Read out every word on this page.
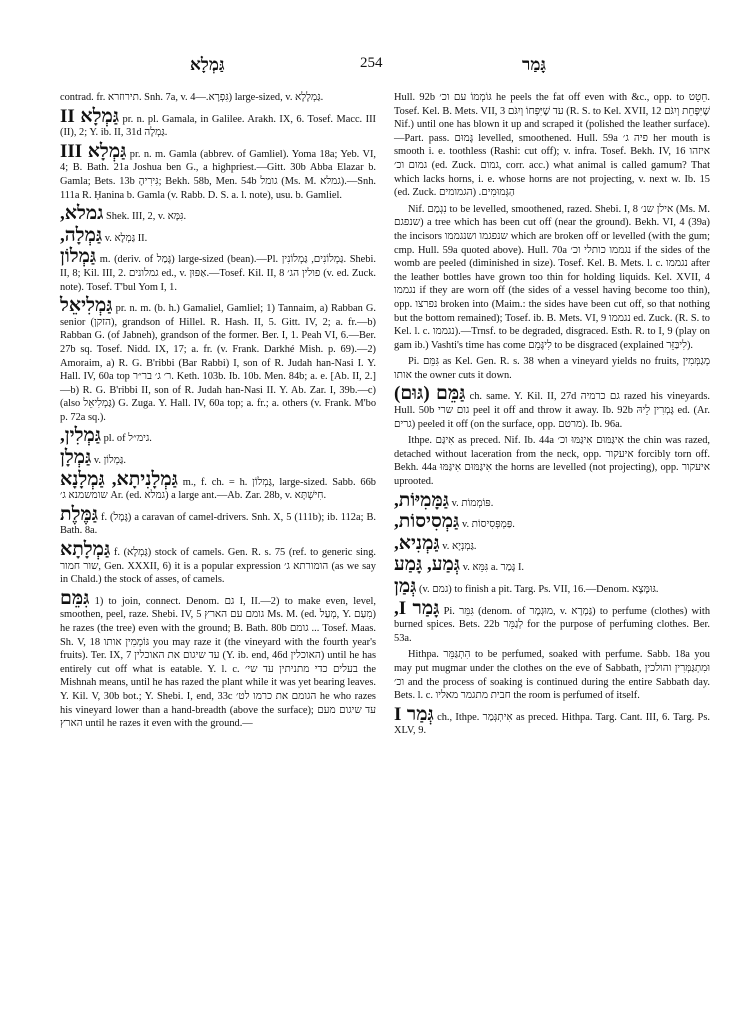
גַּמְלָא	254	גָּמַר
contrad. fr. תירוזרא. Snh. 7a, v. גִּפְרָא.—4) large-sized, v. גַּמְלָלָא.
גַּמְלָא II pr. n. pl. Gamala, in Galilee. Arakh. IX, 6. Tosef. Macc. III (II), 2; Y. ib. II, 31d גַּמְלָה.
גַּמְלָא III pr. n. m. Gamla (abbrev. of Gamliel). Yoma 18a; Yeb. VI, 4; B. Bath. 21a Joshua ben G., a highpriest.—Gitt. 30b Abba Elazar b. Gamla; Bets. 13b גִּירִיהָ; Bekh. 58b, Men. 54b גומל (Ms. M. גמלא).—Snh. 111a R. Ḥanina b. Gamla (v. Rabb. D. S. a. l. note), usu. b. Gamliel.
גמלא, Shek. III, 2, v. גִּמָּא.
גַּמְלָה, v. גַּמְלָא II.
גַּמְלוֹן m. (deriv. of גָּמַל) large-sized (bean).—Pl. גַּמְלוֹנִים, גַּמְלוֹנִין. Shebi. II, 8; Kil. III, 2. גמלונים ed., v. אַפּוּן.—Tosef. Kil. II, 8 פולין הג׳ (v. ed. Zuck. note). Tosef. T'bul Yom I, 1.
גַּמְלִיאֵל pr. n. m. (b. h.) Gamaliel, Gamliel; 1) Tannaim, a) Rabban G. senior (הזקן), grandson of Hillel. R. Hash. II, 5. Gitt. IV, 2; a. fr.—b) Rabban G. (of Jabneh), grandson of the former. Ber. I, 1. Peah VI, 6.—Ber. 27b sq. Tosef. Nidd. IX, 17; a. fr. (v. Frank. Darkhé Mish. p. 69).—2) Amoraim, a) R. G. B'ribbi (Bar Rabbi) I, son of R. Judah han-Nasi I. Y. Hall. IV, 60a top ר׳ ג׳ בר״ר. Keth. 103b. Ib. 10b. Men. 84b; a. e. [Ab. II, 2.]—b) R. G. B'ribbi II, son of R. Judah han-Nasi II. Y. Ab. Zar. I, 39b.—c) (also גַּמְלִיאֵל) G. Zuga. Y. Hall. IV, 60a top; a. fr.; a. others (v. Frank. M'bo p. 72a sq.).
גַּמְלִין, pl. of גימ״ל.
גַּמְלָן v. גַּמְלוֹן.
גַּמְלָנִיתָא, גַּמְלָנָא m., f. ch. = h. גַּמְלוֹן, large-sized. Sabb. 66b שומשמנא ג׳ Ar. (ed. גמלא) a large ant.—Ab. Zar. 28b, v. חִישְׁתָּא.
גַּמֶּלֶת f. (גָּמָל) a caravan of camel-drivers. Snh. X, 5 (111b); ib. 112a; B. Bath. 8a.
גַּמְלָתָא f. (גַּמְלָא) stock of camels. Gen. R. s. 75 (ref. to generic sing. שור חמור, Gen. XXXII, 6) it is a popular expression הומורתא ג׳ (as we say in Chald.) the stock of asses, of camels.
גִּמֵּם 1) to join, connect. Denom. גם I, II.—2) to make even, level, smoothen, peel, raze. Shebi. IV, 5 גומם עם הארץ Ms. M. (ed. מְעַל, Y. מִעַם) he razes (the tree) even with the ground; B. Bath. 80b גומם ... Tosef. Maas. Sh. V, 18 גּוֹמְמִין אותו you may raze it (the vineyard with the fourth year's fruits). Ter. IX, 7 עד שיגום את האוכלין (Y. ib. end, 46d האוכלין) until he has entirely cut off what is eatable. Y. l. c. בעלים כדי מתניתין עד שי׳ the Mishnah means, until he has razed the plant while it was yet bearing leaves. Y. Kil. V, 30b bot.; Y. Shebi. I, end, 33c הגומם את כרמו לט׳ he who razes his vineyard lower than a hand-breadth (above the surface); עד שיגום מעם הארץ until he razes it even with the ground.—
Hull. 92b גּוֹמְמוֹ עם וכ׳ he peels the fat off even with &c., opp. to חֵטֵט. Tosef. Kel. B. Mets. VII, 3 עד שֶׁיִּפְּחוֹ וְיִגֹּם (R. S. to Kel. XVII, 12 שֶׁיִּפָּחֵת וְיִגֹּם Nif.) until one has blown it up and scraped it (polished the leather surface).—Part. pass. גָּמוּם levelled, smoothened. Hull. 59a פיה ג׳ her mouth is smooth i. e. toothless (Rashi: cut off); v. infra. Tosef. Bekh. IV, 16 איזהו גמום וכ׳ (ed. Zuck. גמום, corr. acc.) what animal is called gamum? That which lacks horns, i. e. whose horns are not projecting, v. next w. Ib. 15 (ed. Zuck. הגמומים) .הַגְּמוּמִים
Nif. נִגְמַם to be levelled, smoothened, razed. Shebi. I, 8 אילן שנ׳ (Ms. M. שנפגם) a tree which has been cut off (near the ground). Bekh. VI, 4 (39a) the incisors שנפגמו ושנגממו which are broken off or levelled (with the gum; cmp. Hull. 59a quoted above). Hull. 70a נגממו כותלי וכ׳ if the sides of the womb are peeled (diminished in size). Tosef. Kel. B. Mets. l. c. נגממו after the leather bottles have grown too thin for holding liquids. Kel. XVII, 4 נגממו if they are worn off (the sides of a vessel having become too thin), opp. נפרצו broken into (Maim.: the sides have been cut off, so that nothing but the bottom remained); Tosef. ib. B. Mets. VI, 9 נגממו ed. Zuck. (R. S. to Kel. l. c. נגממו).—Trnsf. to be degraded, disgraced. Esth. R. to I, 9 (play on gam ib.) Vashti's time has come לִיגָּמֵם to be disgraced (explained לִיבַּזֵּר).
Pi. גִּמֵּם as Kel. Gen. R. s. 38 when a vineyard yields no fruits, מְגַמְּמִין אותו the owner cuts it down.
גַּמֵּם (גּוּם) ch. same. Y. Kil. II, 27d גם כרמיה razed his vineyards. Hull. 50b גום שרי peel it off and throw it away. Ib. 92b גָּמְרִין לֵיהּ ed. (Ar. גרים) peeled it off (on the surface, opp. מרטם). Ib. 96a.
Ithpe. אִיגַּם as preced. Nif. Ib. 44a אִיגַּמּוּם אִיגַּמּוּ וכ׳ the chin was razed, detached without laceration from the neck, opp. איעקור forcibly torn off. Bekh. 44a אִיגַּמּוּם אִיגַּמּוּ the horns are levelled (not projecting), opp. איעקור uprooted.
גַּמָּמִיּוֹת, v. פּוֹמְמוֹת.
גַּמְסִיסוֹת, v. פַּמְפְּסִיסוֹת.
גַּמְנִיא, v. גַּמְנְיָא.
גְּמַע, גָּמַע v. גִּמֵּא a. גָּמַר I.
גְּמַן (v. גמם) to finish a pit. Targ. Ps. VII, 16.—Denom. גּוּמָּצָא.
גָּמַר I, Pi. גִּמֵּר (denom. of מוּגְמָר, v. גַּמְרָא) to perfume (clothes) with burned spices. Bets. 22b לְגַמֵּר for the purpose of perfuming clothes. Ber. 53a.
Hithpa. הִתְגַּמֵּר to be perfumed, soaked with perfume. Sabb. 18a you may put mugmar under the clothes on the eve of Sabbath, וּמִתְגַּמְּרִין והולכין וכ׳ and the process of soaking is continued during the entire Sabbath day. Bets. l. c. חבית מתגמר מאליו the room is perfumed of itself.
גְּמַר I ch., Ithpe. אִיתְגְּמַר as preced. Hithpa. Targ. Cant. III, 6. Targ. Ps. XLV, 9.
